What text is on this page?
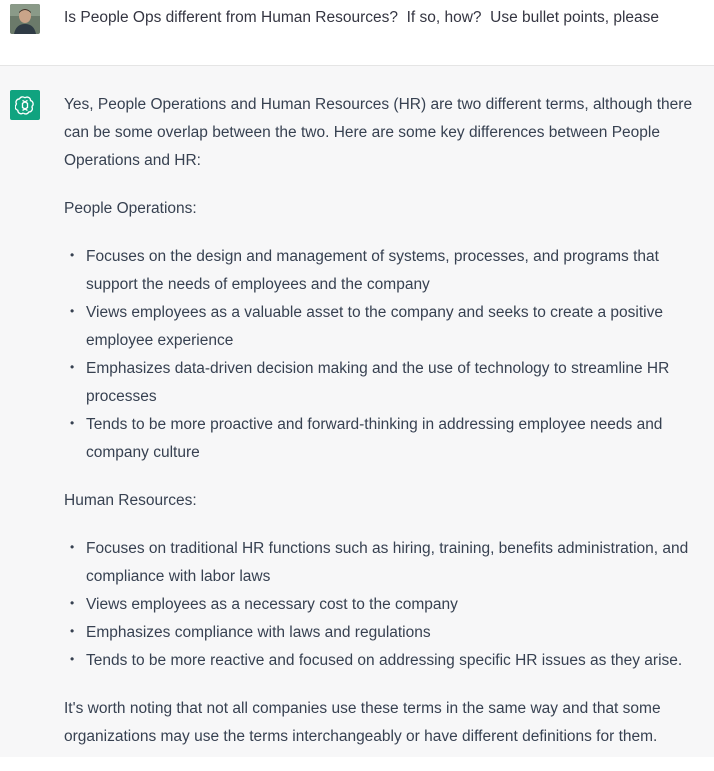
Is People Ops different from Human Resources?  If so, how?  Use bullet points, please

Yes, People Operations and Human Resources (HR) are two different terms, although there can be some overlap between the two. Here are some key differences between People Operations and HR:

People Operations:

• Focuses on the design and management of systems, processes, and programs that support the needs of employees and the company
• Views employees as a valuable asset to the company and seeks to create a positive employee experience
• Emphasizes data-driven decision making and the use of technology to streamline HR processes
• Tends to be more proactive and forward-thinking in addressing employee needs and company culture

Human Resources:

• Focuses on traditional HR functions such as hiring, training, benefits administration, and compliance with labor laws
• Views employees as a necessary cost to the company
• Emphasizes compliance with laws and regulations
• Tends to be more reactive and focused on addressing specific HR issues as they arise.

It's worth noting that not all companies use these terms in the same way and that some organizations may use the terms interchangeably or have different definitions for them.
